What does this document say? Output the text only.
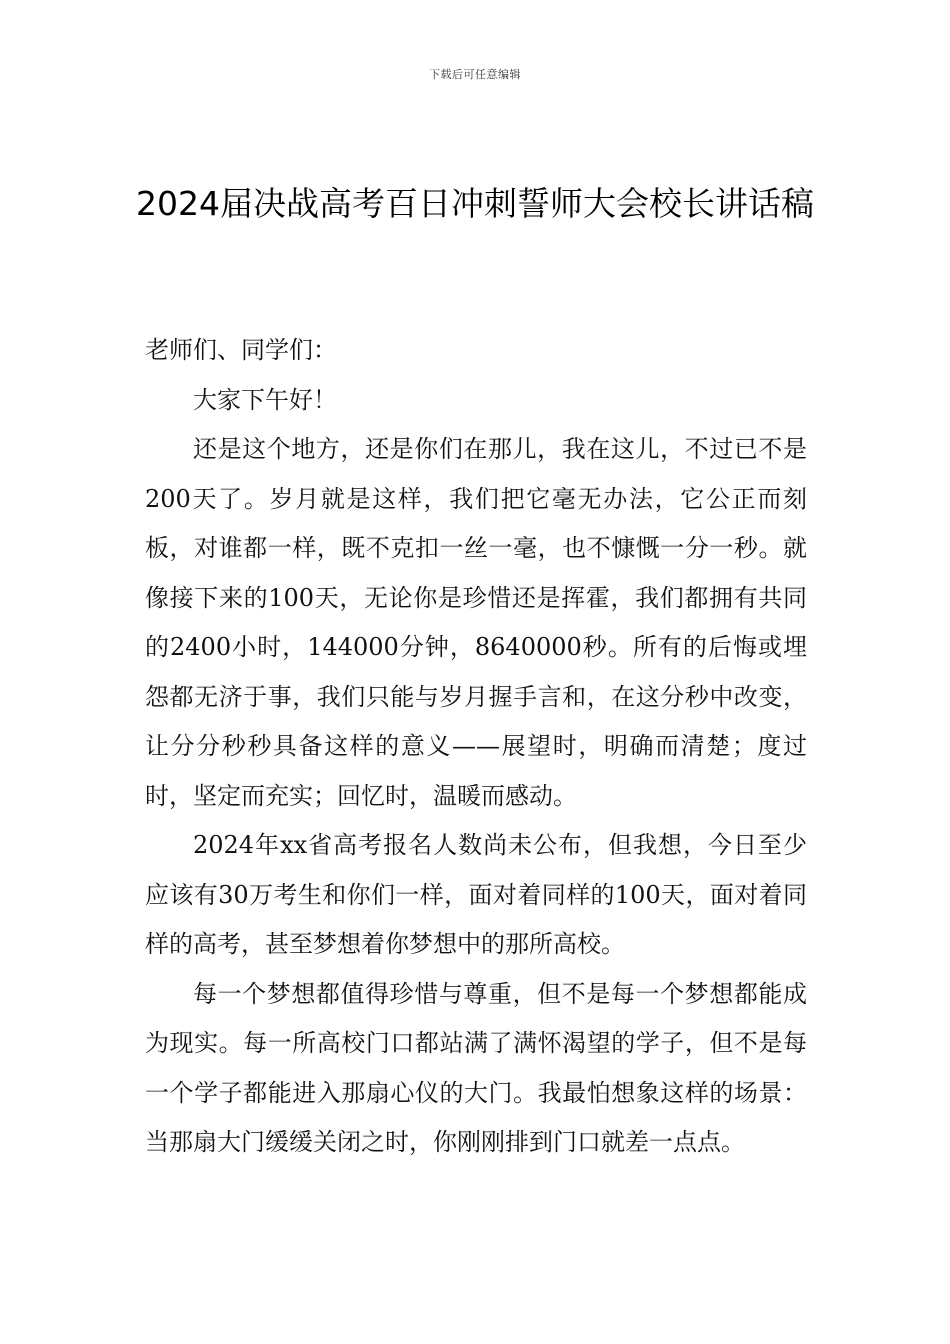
下载后可任意编辑
2024届决战高考百日冲刺誓师大会校长讲话稿

老师们、同学们：

大家下午好！

还是这个地方，还是你们在那儿，我在这儿，不过已不是200天了。岁月就是这样，我们把它毫无办法，它公正而刻板，对谁都一样，既不克扣一丝一毫，也不慷慨一分一秒。就像接下来的100天，无论你是珍惜还是挥霍，我们都拥有共同的2400小时，144000分钟，8640000秒。所有的后悔或埋怨都无济于事，我们只能与岁月握手言和，在这分秒中改变，让分分秒秒具备这样的意义——展望时，明确而清楚；度过时，坚定而充实；回忆时，温暖而感动。

2024年xx省高考报名人数尚未公布，但我想，今日至少应该有30万考生和你们一样，面对着同样的100天，面对着同样的高考，甚至梦想着你梦想中的那所高校。

每一个梦想都值得珍惜与尊重，但不是每一个梦想都能成为现实。每一所高校门口都站满了满怀渴望的学子，但不是每一个学子都能进入那扇心仪的大门。我最怕想象这样的场景：当那扇大门缓缓关闭之时，你刚刚排到门口就差一点点。
